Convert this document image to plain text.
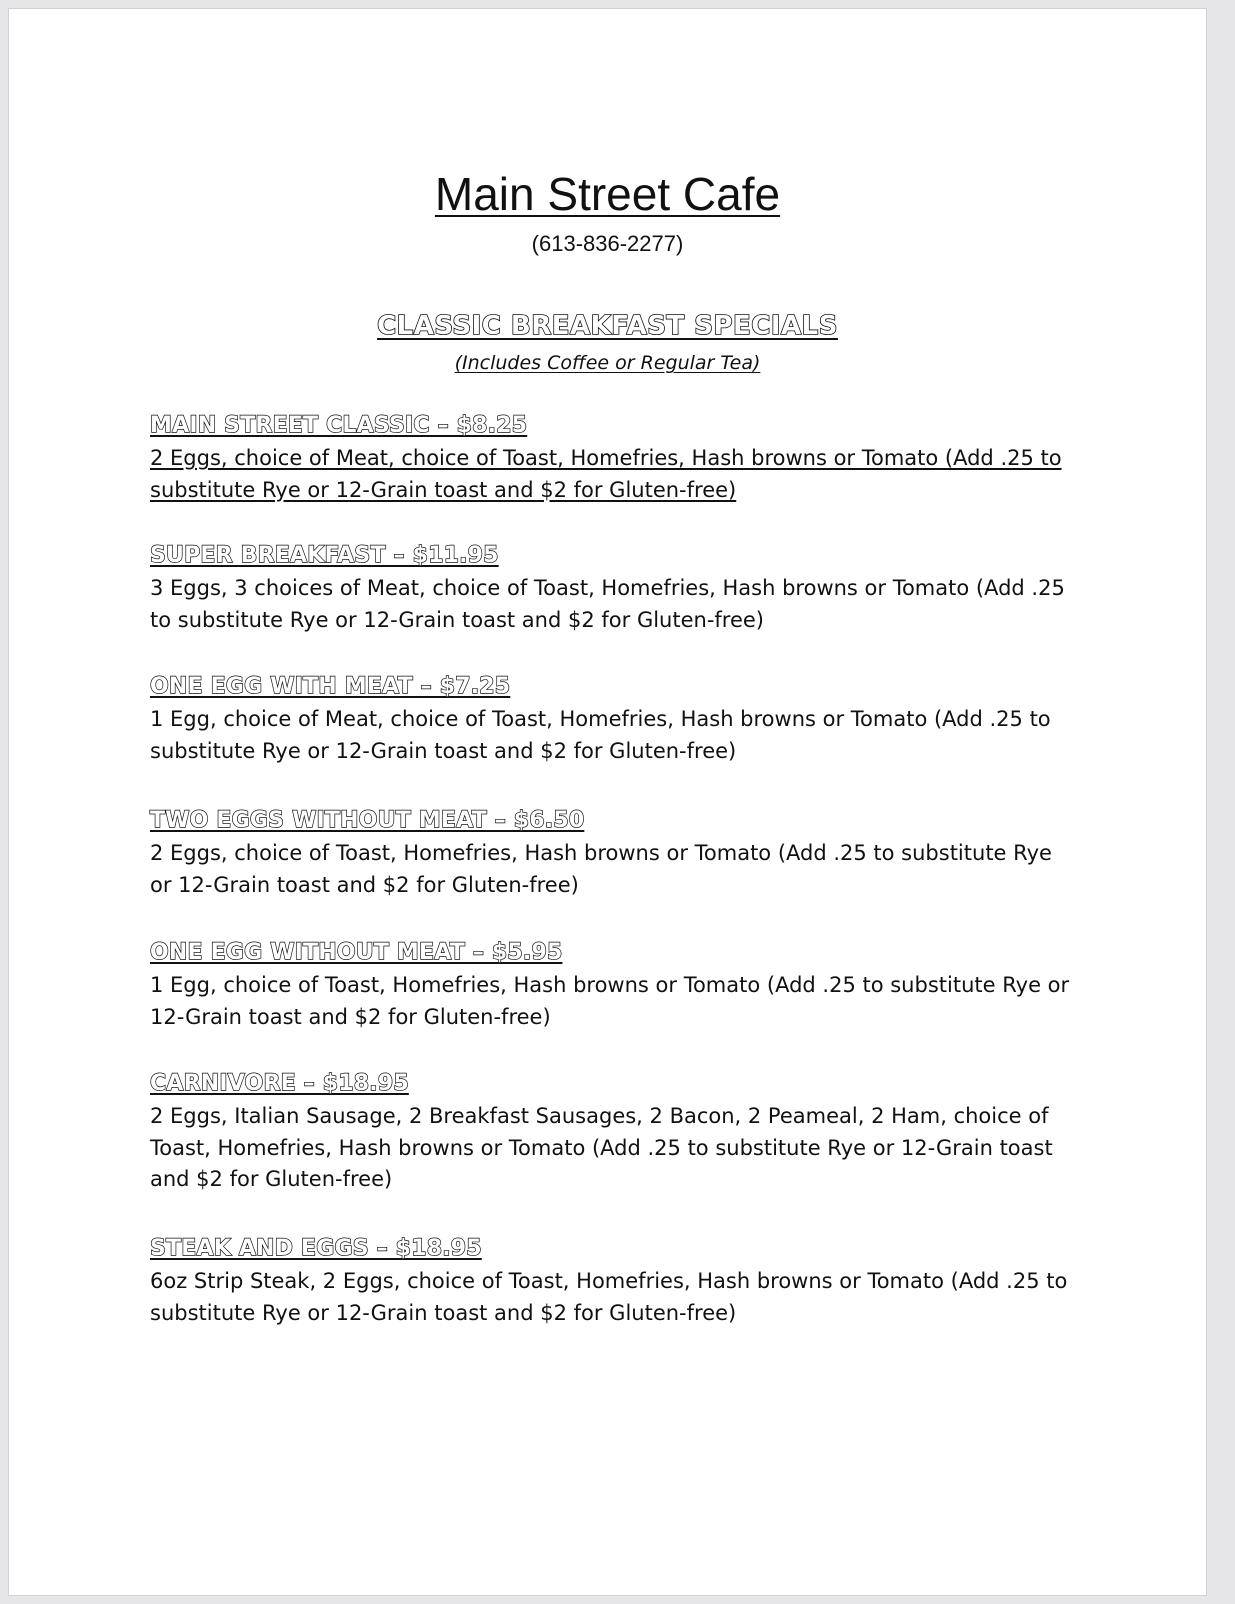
Main Street Cafe
(613-836-2277)
CLASSIC BREAKFAST SPECIALS
(Includes Coffee or Regular Tea)
MAIN STREET CLASSIC – $8.25
2 Eggs, choice of Meat, choice of Toast, Homefries, Hash browns or Tomato (Add .25 to substitute Rye or 12-Grain toast and $2 for Gluten-free)
SUPER BREAKFAST – $11.95
3 Eggs, 3 choices of Meat, choice of Toast, Homefries, Hash browns or Tomato (Add .25 to substitute Rye or 12-Grain toast and $2 for Gluten-free)
ONE EGG WITH MEAT – $7.25
1 Egg, choice of Meat, choice of Toast, Homefries, Hash browns or Tomato (Add .25 to substitute Rye or 12-Grain toast and $2 for Gluten-free)
TWO EGGS WITHOUT MEAT – $6.50
2 Eggs, choice of Toast, Homefries, Hash browns or Tomato (Add .25 to substitute Rye or 12-Grain toast and $2 for Gluten-free)
ONE EGG WITHOUT MEAT – $5.95
1 Egg, choice of Toast, Homefries, Hash browns or Tomato (Add .25 to substitute Rye or 12-Grain toast and $2 for Gluten-free)
CARNIVORE – $18.95
2 Eggs, Italian Sausage, 2 Breakfast Sausages, 2 Bacon, 2 Peameal, 2 Ham, choice of Toast, Homefries, Hash browns or Tomato (Add .25 to substitute Rye or 12-Grain toast and $2 for Gluten-free)
STEAK AND EGGS – $18.95
6oz Strip Steak, 2 Eggs, choice of Toast, Homefries, Hash browns or Tomato (Add .25 to substitute Rye or 12-Grain toast and $2 for Gluten-free)
